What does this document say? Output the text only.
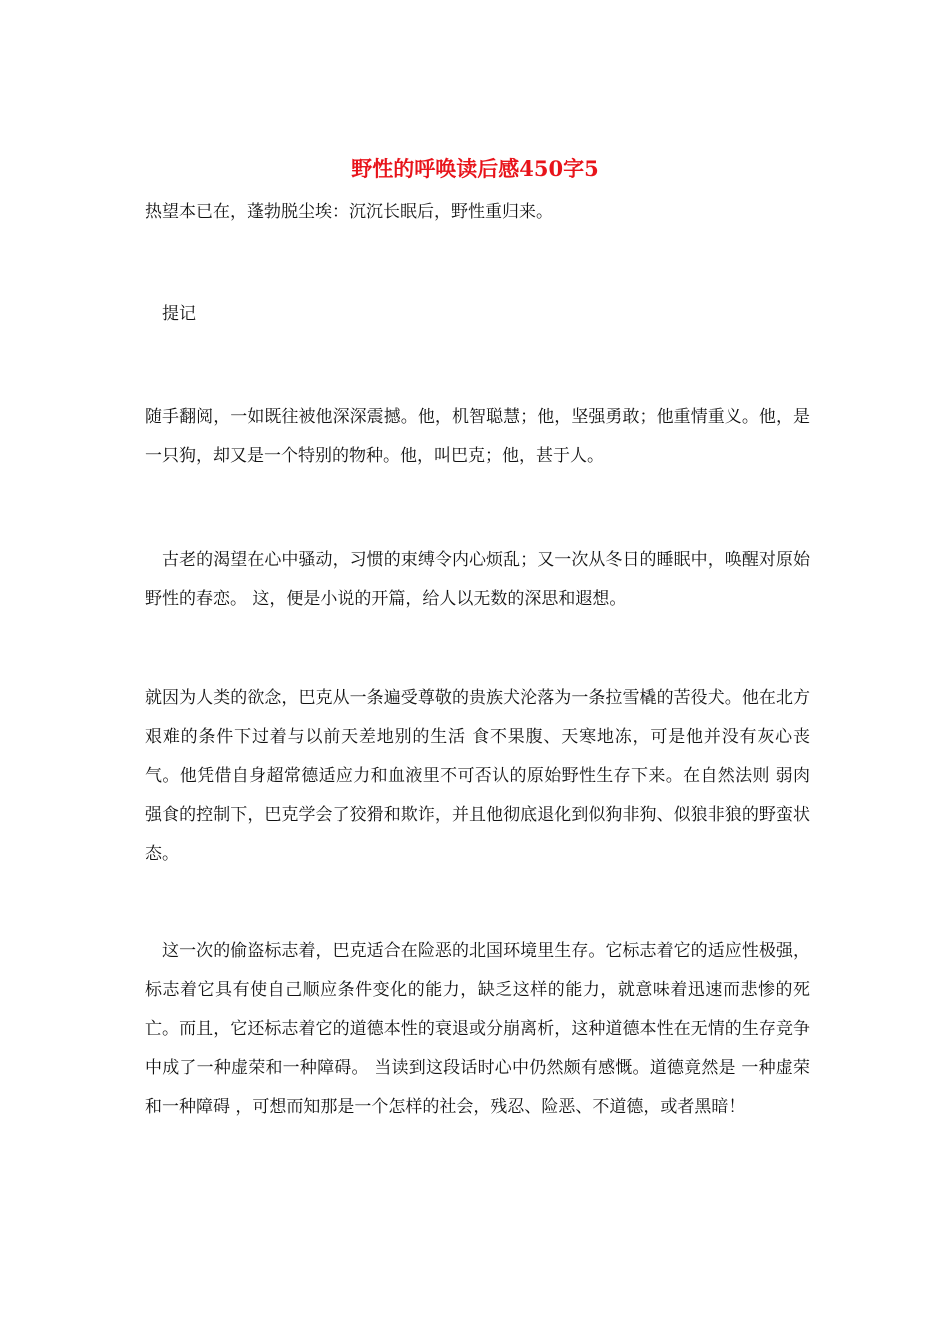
野性的呼唤读后感450字5
热望本已在，蓬勃脱尘埃：沉沉长眠后，野性重归来。
　提记
随手翻阅，一如既往被他深深震撼。他，机智聪慧；他，坚强勇敢；他重情重义。他，是一只狗，却又是一个特别的物种。他，叫巴克；他，甚于人。
　古老的渴望在心中骚动，习惯的束缚令内心烦乱；又一次从冬日的睡眠中，唤醒对原始野性的春恋。 这，便是小说的开篇，给人以无数的深思和遐想。
就因为人类的欲念，巴克从一条遍受尊敬的贵族犬沦落为一条拉雪橇的苦役犬。他在北方艰难的条件下过着与以前天差地别的生活 食不果腹、天寒地冻，可是他并没有灰心丧气。他凭借自身超常德适应力和血液里不可否认的原始野性生存下来。在自然法则 弱肉强食的控制下，巴克学会了狡猾和欺诈，并且他彻底退化到似狗非狗、似狼非狼的野蛮状态。
　这一次的偷盗标志着，巴克适合在险恶的北国环境里生存。它标志着它的适应性极强，标志着它具有使自己顺应条件变化的能力，缺乏这样的能力，就意味着迅速而悲惨的死亡。而且，它还标志着它的道德本性的衰退或分崩离析，这种道德本性在无情的生存竞争中成了一种虚荣和一种障碍。 当读到这段话时心中仍然颇有感慨。道德竟然是 一种虚荣和一种障碍 ，可想而知那是一个怎样的社会，残忍、险恶、不道德，或者黑暗！
